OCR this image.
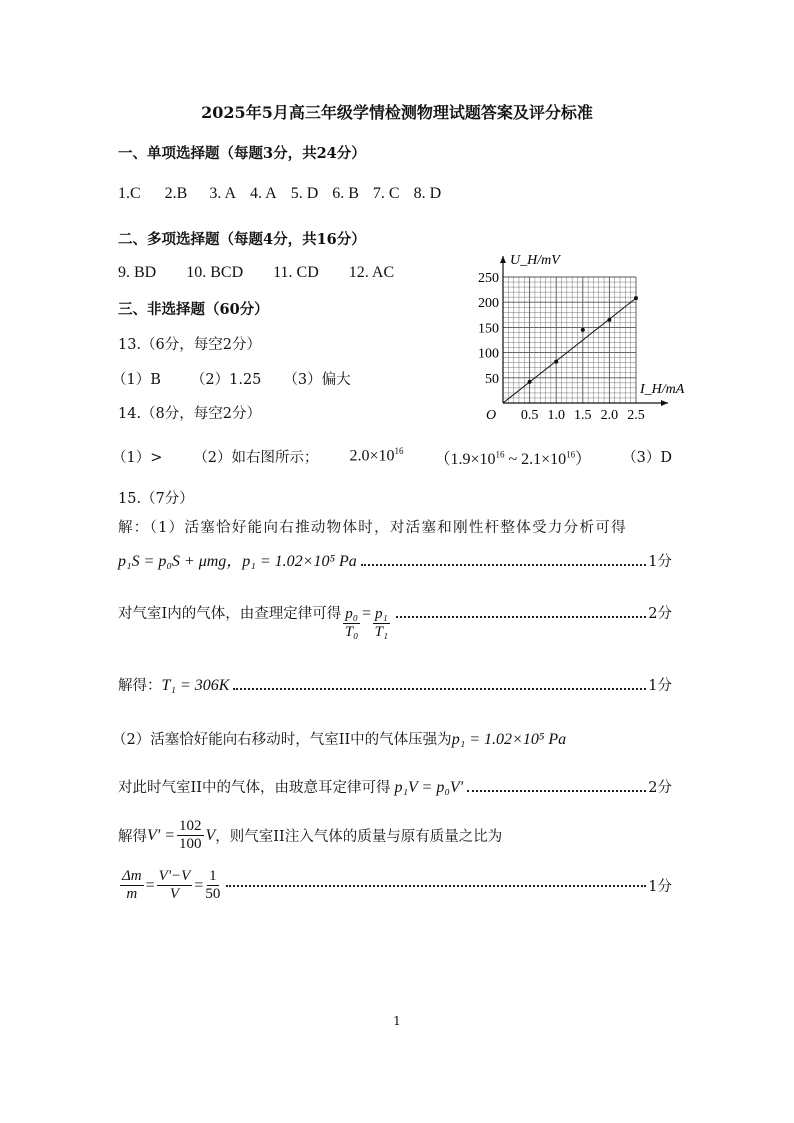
2025年5月高三年级学情检测物理试题答案及评分标准
一、单项选择题（每题3分，共24分）
1.C 2.B 3. A 4. A 5. D 6. B 7. C 8. D
二、多项选择题（每题4分，共16分）
9. BD 10. BCD 11. CD 12. AC
三、非选择题（60分）
13.（6分，每空2分）
（1）B （2）1.25 （3）偏大
14.（8分，每空2分）
（1）> （2）如右图所示； $2.0\times 10^{16}$ （$1.9\times 10^{16}$ ~ $2.1\times 10^{16}$） （3）D
15.（7分）
解：（1）活塞恰好能向右推动物体时，对活塞和刚性杆整体受力分析可得
p₁S = p₀S + μmg，p₁ = 1.02×10⁵ Pa	1分
对气室I内的气体，由查理定律可得 $\frac{\text{p₀}}{\text{T₀}} = \frac{\text{p₁}}{\text{T₁}}$	2分
解得： T₁ = 306K	1分
（2）活塞恰好能向右移动时，气室II中的气体压强为p₁ = 1.02×10⁵ Pa
对此时气室II中的气体，由玻意耳定律可得 p₁V = p₀V'	2分
解得 $V' = \frac{102}{100}$ V ，则气室II注入气体的质量与原有质量之比为
$\frac{\Delta m}{m} = \frac{V'-V}{V} = \frac{1}{50}$	1分
1
0.5 1.0 1.5 2.0 2.5
50
100
150
200
250
U_H/mV
I_H/mA
O
